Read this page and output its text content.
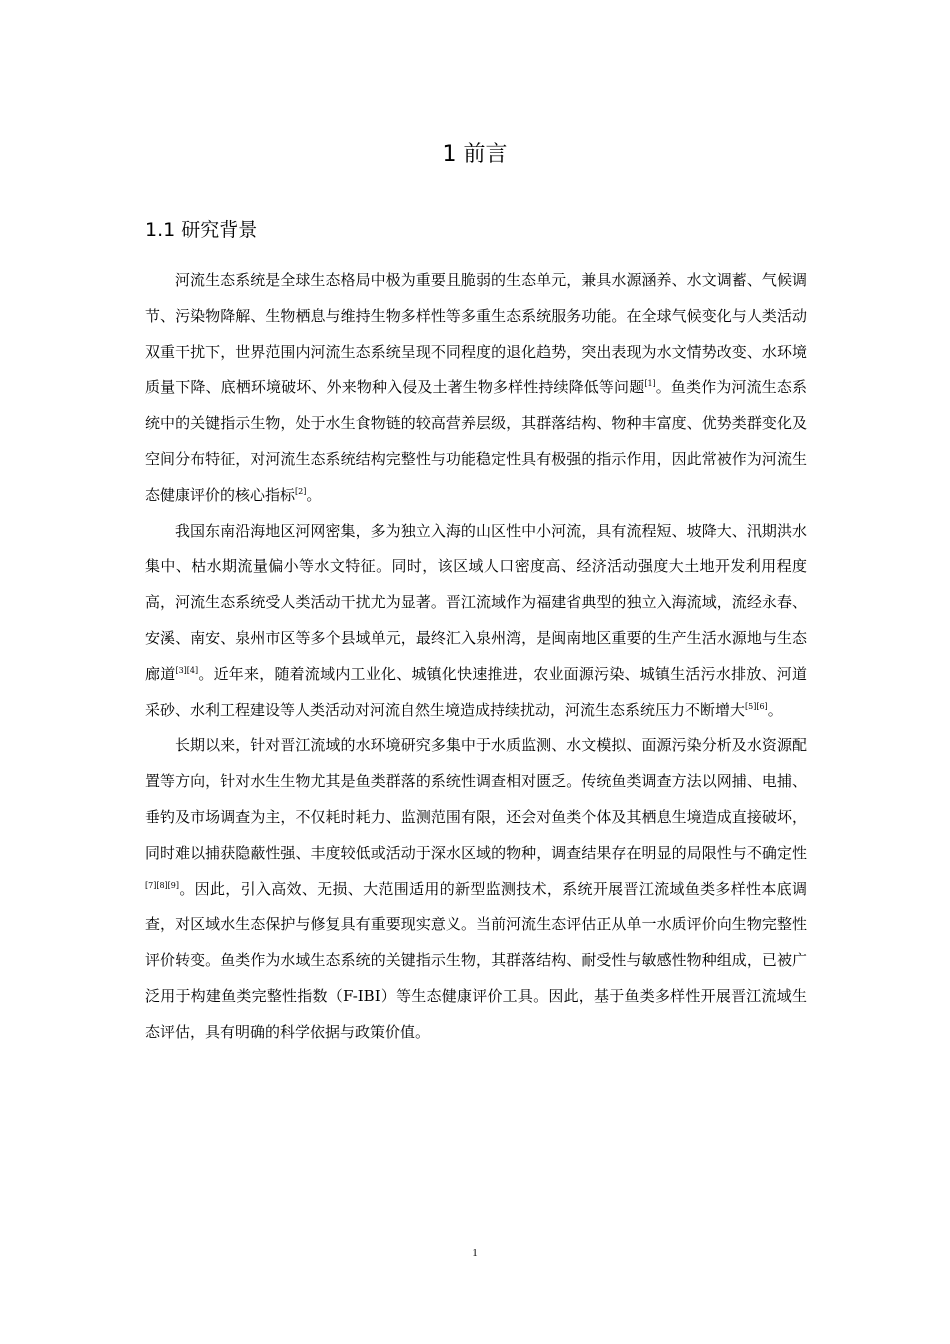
1 前言
1.1 研究背景

河流生态系统是全球生态格局中极为重要且脆弱的生态单元，兼具水源涵养、水文调蓄、气候调节、污染物降解、生物栖息与维持生物多样性等多重生态系统服务功能。在全球气候变化与人类活动双重干扰下，世界范围内河流生态系统呈现不同程度的退化趋势，突出表现为水文情势改变、水环境质量下降、底栖环境破坏、外来物种入侵及土著生物多样性持续降低等问题[1]。鱼类作为河流生态系统中的关键指示生物，处于水生食物链的较高营养层级，其群落结构、物种丰富度、优势类群变化及空间分布特征，对河流生态系统结构完整性与功能稳定性具有极强的指示作用，因此常被作为河流生态健康评价的核心指标[2]。

我国东南沿海地区河网密集，多为独立入海的山区性中小河流，具有流程短、坡降大、汛期洪水集中、枯水期流量偏小等水文特征。同时，该区域人口密度高、经济活动强度大土地开发利用程度高，河流生态系统受人类活动干扰尤为显著。晋江流域作为福建省典型的独立入海流域，流经永春、安溪、南安、泉州市区等多个县域单元，最终汇入泉州湾，是闽南地区重要的生产生活水源地与生态廊道[3][4]。近年来，随着流域内工业化、城镇化快速推进，农业面源污染、城镇生活污水排放、河道采砂、水利工程建设等人类活动对河流自然生境造成持续扰动，河流生态系统压力不断增大[5][6]。

长期以来，针对晋江流域的水环境研究多集中于水质监测、水文模拟、面源污染分析及水资源配置等方向，针对水生生物尤其是鱼类群落的系统性调查相对匮乏。传统鱼类调查方法以网捕、电捕、垂钓及市场调查为主，不仅耗时耗力、监测范围有限，还会对鱼类个体及其栖息生境造成直接破坏，同时难以捕获隐蔽性强、丰度较低或活动于深水区域的物种，调查结果存在明显的局限性与不确定性[7][8][9]。因此，引入高效、无损、大范围适用的新型监测技术，系统开展晋江流域鱼类多样性本底调查，对区域水生态保护与修复具有重要现实意义。当前河流生态评估正从单一水质评价向生物完整性评价转变。鱼类作为水域生态系统的关键指示生物，其群落结构、耐受性与敏感性物种组成，已被广泛用于构建鱼类完整性指数（F-IBI）等生态健康评价工具。因此，基于鱼类多样性开展晋江流域生态评估，具有明确的科学依据与政策价值。

1
